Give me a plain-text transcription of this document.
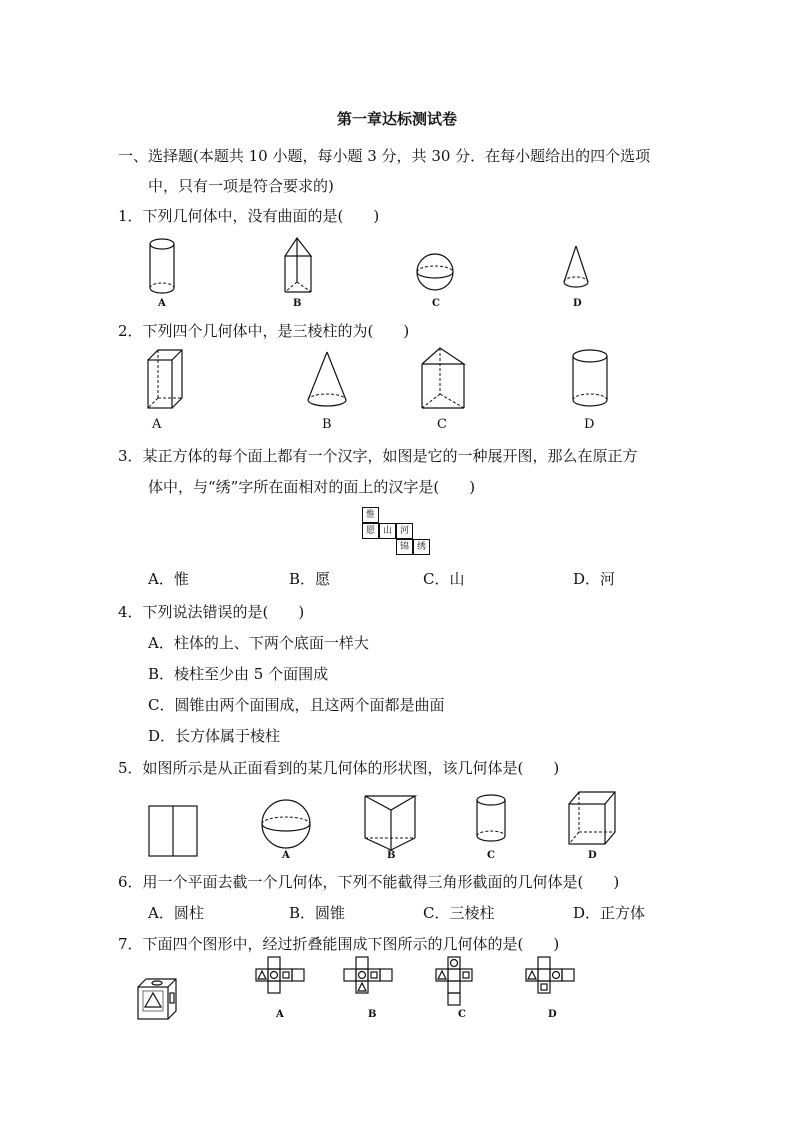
第一章达标测试卷
一、选择题(本题共 10 小题，每小题 3 分，共 30 分．在每小题给出的四个选项
中，只有一项是符合要求的)
1．下列几何体中，没有曲面的是(　　)
A	B	C	D
2．下列四个几何体中，是三棱柱的为(　　)
A	B	C	D
3．某正方体的每个面上都有一个汉字，如图是它的一种展开图，那么在原正方
体中，与“绣”字所在面相对的面上的汉字是(　　)
惟
愿 山 河
锦 绣
A．惟	B．愿	C．山	D．河
4．下列说法错误的是(　　)
A．柱体的上、下两个底面一样大
B．棱柱至少由 5 个面围成
C．圆锥由两个面围成，且这两个面都是曲面
D．长方体属于棱柱
5．如图所示是从正面看到的某几何体的形状图，该几何体是(　　)
A	B	C	D
6．用一个平面去截一个几何体，下列不能截得三角形截面的几何体是(　　)
A．圆柱	B．圆锥	C．三棱柱	D．正方体
7．下面四个图形中，经过折叠能围成下图所示的几何体的是(　　)
A	B	C	D
